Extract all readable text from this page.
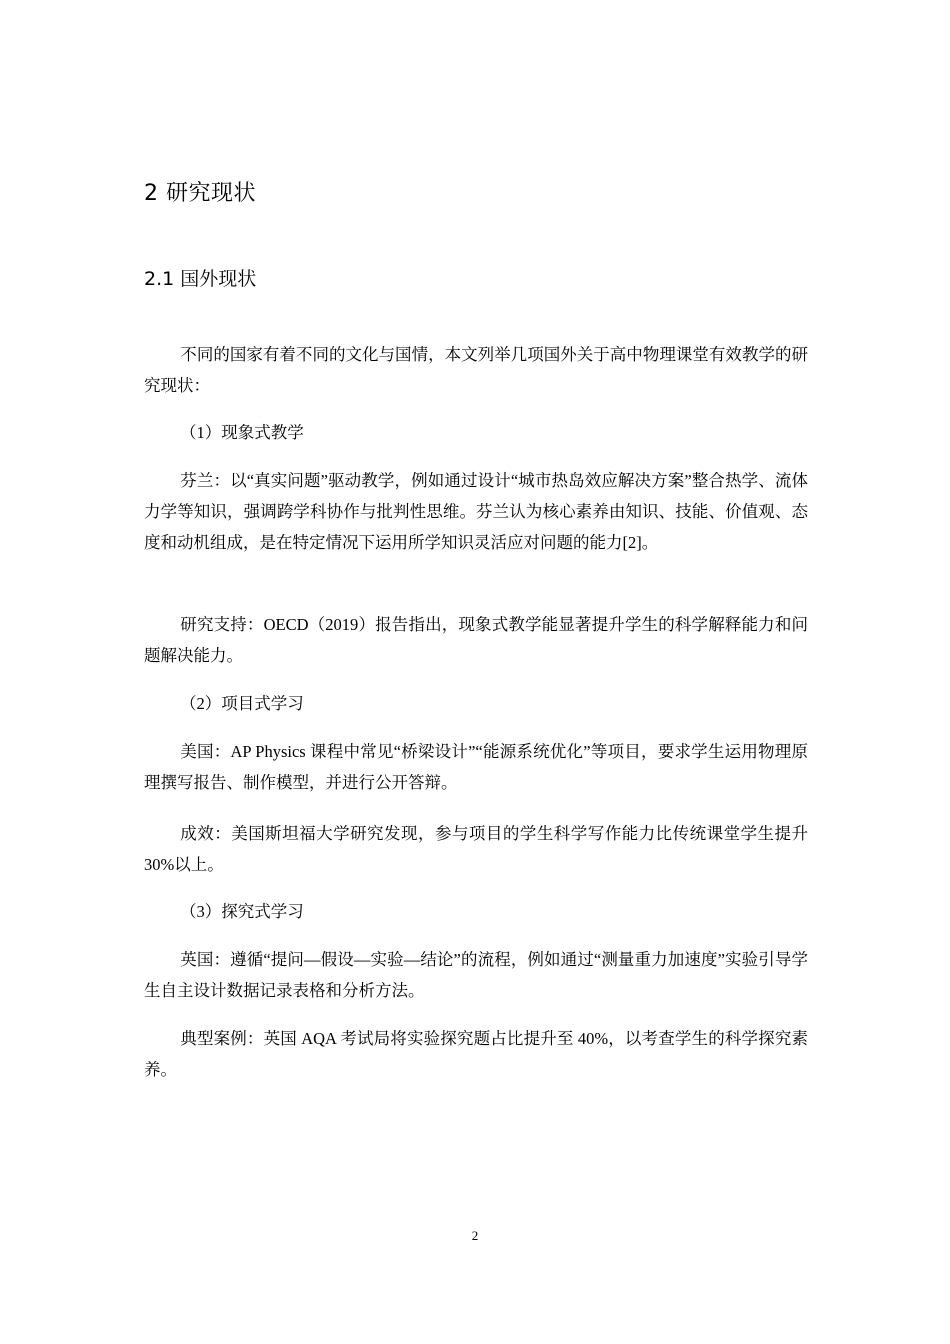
2 研究现状
2.1 国外现状

不同的国家有着不同的文化与国情，本文列举几项国外关于高中物理课堂有效教学的研究现状：

（1）现象式教学

芬兰：以“真实问题”驱动教学，例如通过设计“城市热岛效应解决方案”整合热学、流体力学等知识，强调跨学科协作与批判性思维。芬兰认为核心素养由知识、技能、价值观、态度和动机组成，是在特定情况下运用所学知识灵活应对问题的能力[2]。

研究支持：OECD（2019）报告指出，现象式教学能显著提升学生的科学解释能力和问题解决能力。

（2）项目式学习

美国：AP Physics 课程中常见“桥梁设计”“能源系统优化”等项目，要求学生运用物理原理撰写报告、制作模型，并进行公开答辩。

成效：美国斯坦福大学研究发现，参与项目的学生科学写作能力比传统课堂学生提升 30%以上。

（3）探究式学习

英国：遵循“提问—假设—实验—结论”的流程，例如通过“测量重力加速度”实验引导学生自主设计数据记录表格和分析方法。

典型案例：英国 AQA 考试局将实验探究题占比提升至 40%，以考查学生的科学探究素养。

2
